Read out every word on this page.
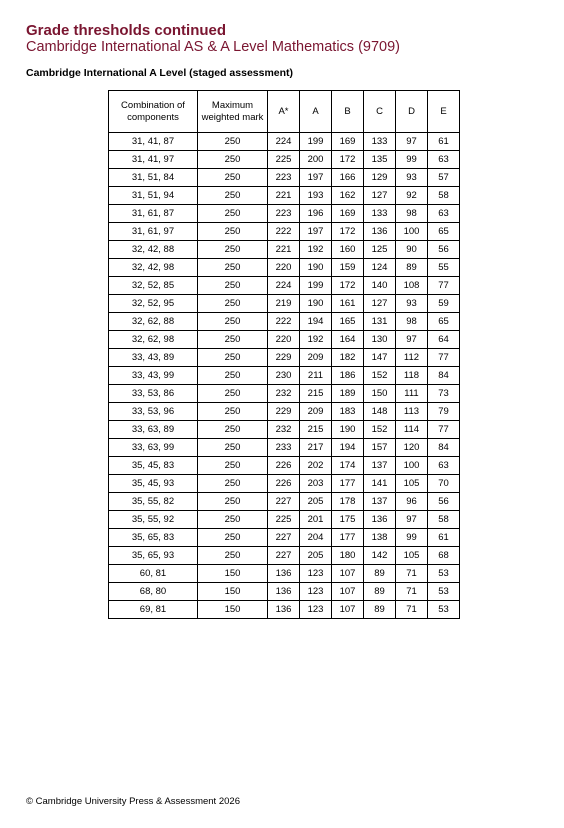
Grade thresholds continued
Cambridge International AS & A Level Mathematics (9709)
Cambridge International A Level (staged assessment)
Combination of components	Maximum weighted mark	A*	A	B	C	D	E
31, 41, 87	250	224	199	169	133	97	61
31, 41, 97	250	225	200	172	135	99	63
31, 51, 84	250	223	197	166	129	93	57
31, 51, 94	250	221	193	162	127	92	58
31, 61, 87	250	223	196	169	133	98	63
31, 61, 97	250	222	197	172	136	100	65
32, 42, 88	250	221	192	160	125	90	56
32, 42, 98	250	220	190	159	124	89	55
32, 52, 85	250	224	199	172	140	108	77
32, 52, 95	250	219	190	161	127	93	59
32, 62, 88	250	222	194	165	131	98	65
32, 62, 98	250	220	192	164	130	97	64
33, 43, 89	250	229	209	182	147	112	77
33, 43, 99	250	230	211	186	152	118	84
33, 53, 86	250	232	215	189	150	111	73
33, 53, 96	250	229	209	183	148	113	79
33, 63, 89	250	232	215	190	152	114	77
33, 63, 99	250	233	217	194	157	120	84
35, 45, 83	250	226	202	174	137	100	63
35, 45, 93	250	226	203	177	141	105	70
35, 55, 82	250	227	205	178	137	96	56
35, 55, 92	250	225	201	175	136	97	58
35, 65, 83	250	227	204	177	138	99	61
35, 65, 93	250	227	205	180	142	105	68
60, 81	150	136	123	107	89	71	53
68, 80	150	136	123	107	89	71	53
69, 81	150	136	123	107	89	71	53
© Cambridge University Press & Assessment 2026
